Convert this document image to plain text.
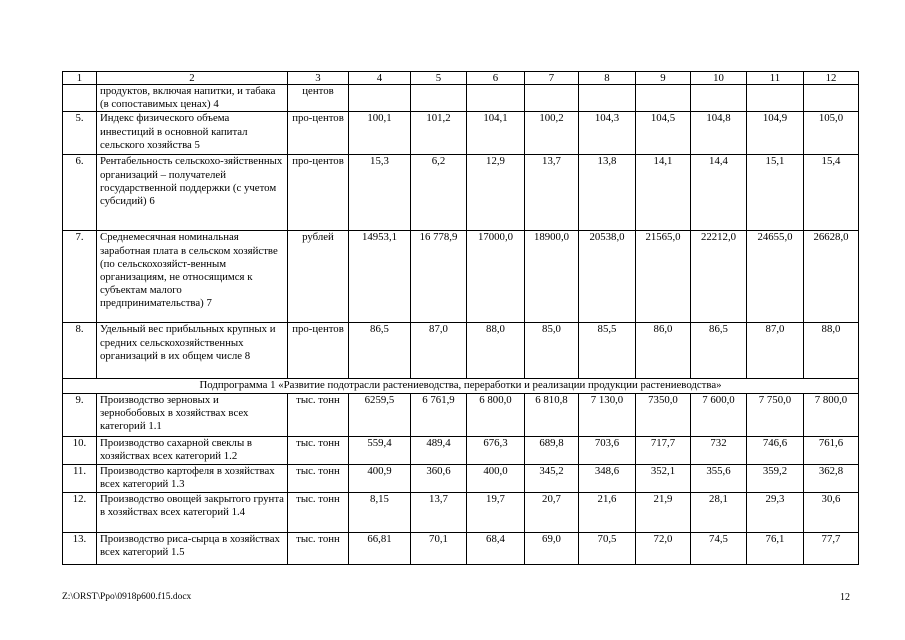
1	2	3	4	5	6	7	8	9	10	11	12
	продуктов, включая напитки, и табака (в сопоставимых ценах) 4	центов									
5.	Индекс физического объема инвестиций в основной капитал сельского хозяйства 5	про-центов	100,1	101,2	104,1	100,2	104,3	104,5	104,8	104,9	105,0
6.	Рентабельность сельскохо-зяйственных организаций – получателей государственной поддержки (с учетом субсидий) 6	про-центов	15,3	6,2	12,9	13,7	13,8	14,1	14,4	15,1	15,4
7.	Среднемесячная номинальная заработная плата в сельском хозяйстве (по сельскохозяйст-венным организациям, не относящимся к субъектам малого предпринимательства) 7	рублей	14953,1	16 778,9	17000,0	18900,0	20538,0	21565,0	22212,0	24655,0	26628,0
8.	Удельный вес прибыльных крупных и средних сельскохозяйственных организаций в их общем числе 8	про-центов	86,5	87,0	88,0	85,0	85,5	86,0	86,5	87,0	88,0
Подпрограмма 1 «Развитие подотрасли растениеводства, переработки и реализации продукции растениеводства»											
9.	Производство зерновых и зернобобовых в хозяйствах всех категорий 1.1	тыс. тонн	6259,5	6 761,9	6 800,0	6 810,8	7 130,0	7350,0	7 600,0	7 750,0	7 800,0
10.	Производство сахарной свеклы в хозяйствах всех категорий 1.2	тыс. тонн	559,4	489,4	676,3	689,8	703,6	717,7	732	746,6	761,6
11.	Производство картофеля в хозяйствах всех категорий 1.3	тыс. тонн	400,9	360,6	400,0	345,2	348,6	352,1	355,6	359,2	362,8
12.	Производство овощей закрытого грунта в хозяйствах всех категорий 1.4	тыс. тонн	8,15	13,7	19,7	20,7	21,6	21,9	28,1	29,3	30,6
13.	Производство риса-сырца в хозяйствах всех категорий 1.5	тыс. тонн	66,81	70,1	68,4	69,0	70,5	72,0	74,5	76,1	77,7
Z:\ORST\Ppo\0918p600.f15.docx	12
